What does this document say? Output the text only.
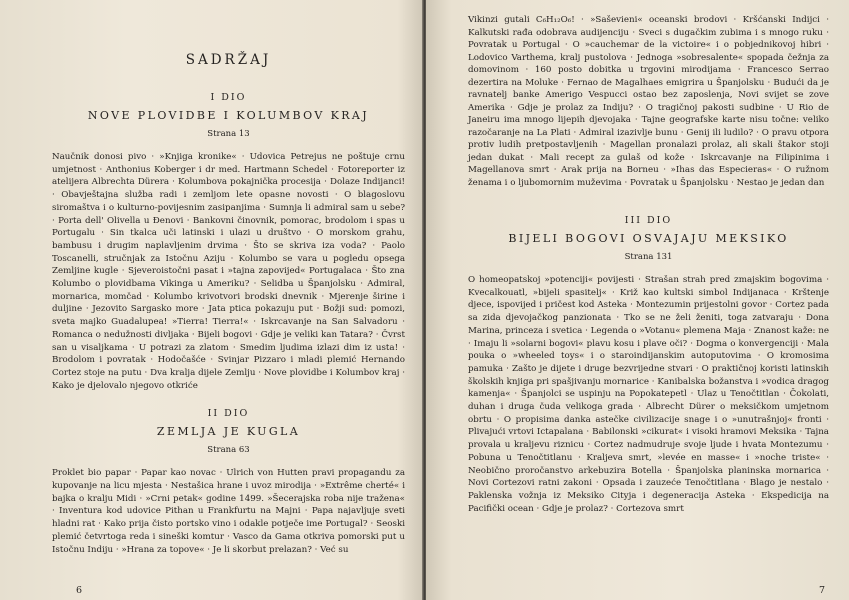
SADRŽAJ
I DIO
NOVE PLOVIDBE I KOLUMBOV KRAJ
Strana 13

Naučnik donosi pivo · »Knjiga kronike« · Udovica Petrejus ne poštuje crnu umjetnost · Anthonius Koberger i dr med. Hartmann Schedel · Fotoreporter iz atelijera Albrechta Dürera · Kolumbova pokajnička procesija · Dolaze Indijanci! · Obavještajna služba radi i zemljom lete opasne novosti · O blagoslovu siromaštva i o kulturno-povijesnim zasipanjima · Sumnja li admiral sam u sebe? · Porta dell' Olivella u Đenovi · Bankovni činovnik, pomorac, brodolom i spas u Portugalu · Sin tkalca uči latinski i ulazi u društvo · O morskom grahu, bambusu i drugim naplavljenim drvima · Što se skriva iza voda? · Paolo Toscanelli, stručnjak za Istočnu Aziju · Kolumbo se vara u pogledu opsega Zemljine kugle · Sjeveroistočni pasat i »tajna zapovijed« Portugalaca · Što zna Kolumbo o plovidbama Vikinga u Ameriku? · Selidba u Španjolsku · Admiral, mornarica, momčad · Kolumbo krivotvori brodski dnevnik · Mjerenje širine i duljine · Jezovito Sargasko more · Jata ptica pokazuju put · Božji sud: pomozi, sveta majko Guadalupea! »Tierra! Tierra!« · Iskrcavanje na San Salvadoru · Romanca o nedužnosti divljaka · Bijeli bogovi · Gdje je veliki kan Tatara? · Čvrst san u visaljkama · U potrazi za zlatom · Smedim ljudima izlazi dim iz usta! · Brodolom i povratak · Hodočašće · Svinjar Pizzaro i mladi plemić Hernando Cortez stoje na putu · Dva kralja dijele Zemlju · Nove plovidbe i Kolumbov kraj · Kako je djelovalo njegovo otkriće

II DIO
ZEMLJA JE KUGLA
Strana 63

Proklet bio papar · Papar kao novac · Ulrich von Hutten pravi propagandu za kupovanje na licu mjesta · Nestašica hrane i uvoz mirodija · »Extrême cherté« i bajka o kralju Midi · »Crni petak« godine 1499. »Šecerajska roba nije tražena« · Inventura kod udovice Pithan u Frankfurtu na Majni · Papa najavljuje sveti hladni rat · Kako prija čisto portsko vino i odakle potječe ime Portugal? · Seoski plemić četvrtoga reda i sineški komtur · Vasco da Gama otkriva pomorski put u Istočnu Indiju · »Hrana za topove« · Je li skorbut prelazan? · Već su

6

Vikinzi gutali C₆H₁₂O₆! · »Saševieni« oceanski brodovi · Kršćanski Indijci · Kalkutski rađa odobrava audijenciju · Sveci s dugačkim zubima i s mnogo ruku · Povratak u Portugal · O »cauchemar de la victoire« i o pobjednikovoj hibri · Lodovico Varthema, kralj pustolova · Jednoga »sobresalente« spopada čežnja za domovinom · 160 posto dobitka u trgovini mirodijama · Francesco Serrao dezertira na Moluke · Fernao de Magalhaes emigrira u Španjolsku · Budući da je ravnatelj banke Amerigo Vespucci ostao bez zaposlenja, Novi svijet se zove Amerika · Gdje je prolaz za Indiju? · O tragičnoj pakosti sudbine · U Rio de Janeiru ima mnogo lijepih djevojaka · Tajne geografske karte nisu točne: veliko razočaranje na La Plati · Admiral izazivlje bunu · Genij ili ludilo? · O pravu otpora protiv ludih pretpostavljenih · Magellan pronalazi prolaz, ali skali štakor stoji jedan dukat · Mali recept za gulaš od kože · Iskrcavanje na Filipinima i Magellanova smrt · Arak prija na Borneu · »Ihas das Especieras« · O ružnom ženama i o ljubomornim muževima · Povratak u Španjolsku · Nestao je jedan dan

III DIO
BIJELI BOGOVI OSVAJAJU MEKSIKO
Strana 131

O homeopatskoj »potenciji« povijesti · Strašan strah pred zmajskim bogovima · Kvecalkouatl, »bijeli spasitelj« · Križ kao kultski simbol Indijanaca · Krštenje djece, ispovijed i pričest kod Asteka · Montezumin prijestolni govor · Cortez pada sa zida djevojačkog panzionata · Tko se ne želi ženiti, toga zatvaraju · Dona Marina, princeza i svetica · Legenda o »Votanu« plemena Maja · Znanost kaže: ne · Imaju li »solarni bogovi« plavu kosu i plave oči? · Dogma o konvergenciji · Mala pouka o »wheeled toys« i o staroindijanskim autoputovima · O kromosima pamuka · Zašto je dijete i druge bezvrijedne stvari · O praktičnoj koristi latinskih školskih knjiga pri spašjivanju mornarice · Kanibalska božanstva i »vodica dragog kamenja« · Španjolci se uspinju na Popokatepetl · Ulaz u Tenočtitlan · Čokolati, duhan i druga čuda velikoga grada · Albrecht Dürer o meksičkom umjetnom obrtu · O propisima danka astečke civilizacije snage i o »unutrašnjoj« fronti · Plivajući vrtovi Ictapalana · Babilonski »cikurat« i visoki hramovi Meksika · Tajna provala u kraljevu riznicu · Cortez nadmudruje svoje ljude i hvata Montezumu · Pobuna u Tenočtitlanu · Kraljeva smrt, »levée en masse« i »noche triste« · Neobično proročanstvo arkebuzira Botella · Španjolska planinska mornarica · Novi Cortezovi ratni zakoni · Opsada i zauzeće Tenočtitlana · Blago je nestalo · Paklenska vožnja iz Meksiko Cityja i degeneracija Asteka · Ekspedicija na Pacifički ocean · Gdje je prolaz? · Cortezova smrt

7
